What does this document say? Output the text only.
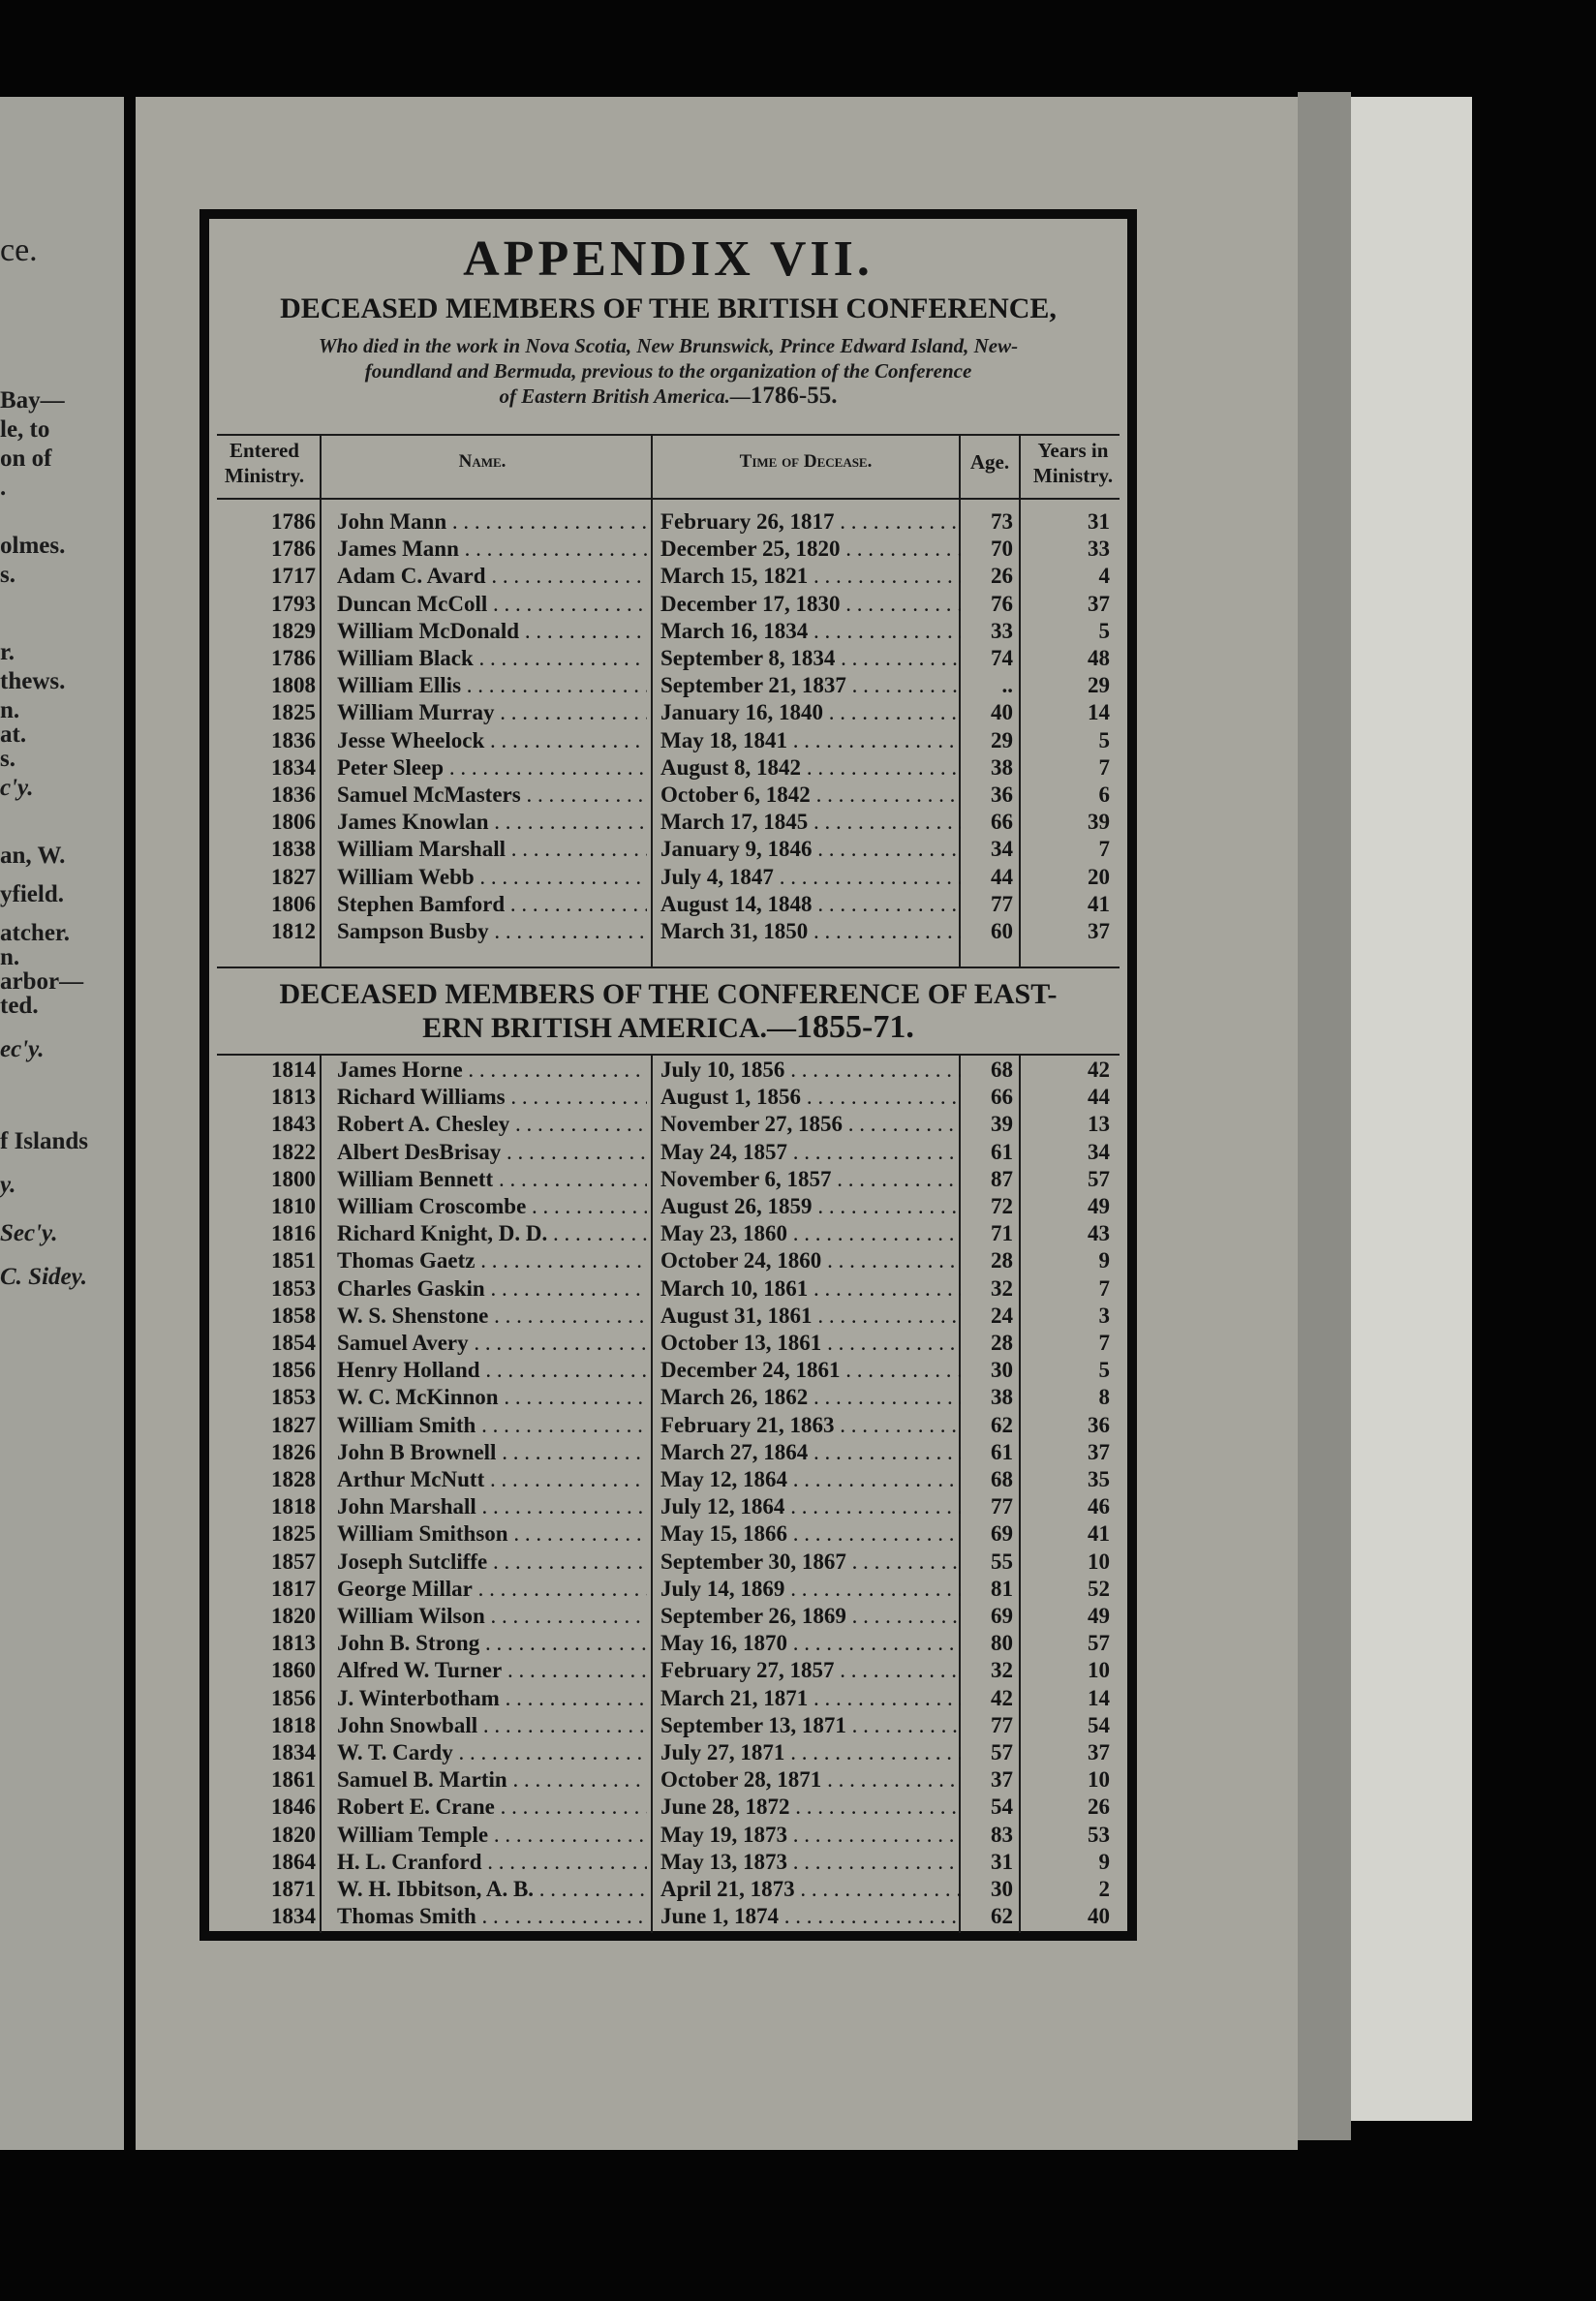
ce.
Bay—
le, to
on of
.
olmes.
s.
r.
thews.
n.
at.
s.
c'y.
an, W.
yfield.
atcher.
n.
arbor—
ted.
ec'y.
f Islands
y.
Sec'y.
C. Sidey.
APPENDIX VII.
DECEASED MEMBERS OF THE BRITISH CONFERENCE,
Who died in the work in Nova Scotia, New Brunswick, Prince Edward Island, New-
foundland and Bermuda, previous to the organization of the Conference
of Eastern British America.—1786-55.
Entered
Ministry.
Name.	Time of Decease.	Age.	Years in
Ministry.
1786 John Mann . . .	February 26, 1817 . . .	73	31
1786 James Mann . . .	December 25, 1820 . . .	70	33
1717 Adam C. Avard . . .	March 15, 1821 . . .	26	4
1793 Duncan McColl . . .	December 17, 1830 . . .	76	37
1829 William McDonald . . .	March 16, 1834 . . .	33	5
1786 William Black . . .	September 8, 1834 . . .	74	48
1808 William Ellis . . .	September 21, 1837 . . .	..	29
1825 William Murray . . .	January 16, 1840 . . .	40	14
1836 Jesse Wheelock . . .	May 18, 1841 . . .	29	5
1834 Peter Sleep . . .	August 8, 1842 . . .	38	7
1836 Samuel McMasters . . .	October 6, 1842 . . .	36	6
1806 James Knowlan . . .	March 17, 1845 . . .	66	39
1838 William Marshall . . .	January 9, 1846 . . .	34	7
1827 William Webb . . .	July 4, 1847 . . .	44	20
1806 Stephen Bamford . . .	August 14, 1848 . . .	77	41
1812 Sampson Busby . . .	March 31, 1850 . . .	60	37
DECEASED MEMBERS OF THE CONFERENCE OF EAST-
ERN BRITISH AMERICA.—1855-71.
1814 James Horne . . .	July 10, 1856 . . .	68	42
1813 Richard Williams . . .	August 1, 1856 . . .	66	44
1843 Robert A. Chesley . . .	November 27, 1856 . . .	39	13
1822 Albert DesBrisay . . .	May 24, 1857 . . .	61	34
1800 William Bennett . . .	November 6, 1857 . . .	87	57
1810 William Croscombe . . .	August 26, 1859 . . .	72	49
1816 Richard Knight, D. D. . . .	May 23, 1860 . . .	71	43
1851 Thomas Gaetz . . .	October 24, 1860 . . .	28	9
1853 Charles Gaskin . . .	March 10, 1861 . . .	32	7
1858 W. S. Shenstone . . .	August 31, 1861 . . .	24	3
1854 Samuel Avery . . .	October 13, 1861 . . .	28	7
1856 Henry Holland . . .	December 24, 1861 . . .	30	5
1853 W. C. McKinnon . . .	March 26, 1862 . . .	38	8
1827 William Smith . . .	February 21, 1863 . . .	62	36
1826 John B Brownell . . .	March 27, 1864 . . .	61	37
1828 Arthur McNutt . . .	May 12, 1864 . . .	68	35
1818 John Marshall . . .	July 12, 1864 . . .	77	46
1825 William Smithson . . .	May 15, 1866 . . .	69	41
1857 Joseph Sutcliffe . . .	September 30, 1867 . . .	55	10
1817 George Millar . . .	July 14, 1869 . . .	81	52
1820 William Wilson . . .	September 26, 1869 . . .	69	49
1813 John B. Strong . . .	May 16, 1870 . . .	80	57
1860 Alfred W. Turner . . .	February 27, 1857 . . .	32	10
1856 J. Winterbotham . . .	March 21, 1871 . . .	42	14
1818 John Snowball . . .	September 13, 1871 . . .	77	54
1834 W. T. Cardy . . .	July 27, 1871 . . .	57	37
1861 Samuel B. Martin . . .	October 28, 1871 . . .	37	10
1846 Robert E. Crane . . .	June 28, 1872 . . .	54	26
1820 William Temple . . .	May 19, 1873 . . .	83	53
1864 H. L. Cranford . . .	May 13, 1873 . . .	31	9
1871 W. H. Ibbitson, A. B. . . .	April 21, 1873 . . .	30	2
1834 Thomas Smith . . .	June 1, 1874 . . .	62	40
